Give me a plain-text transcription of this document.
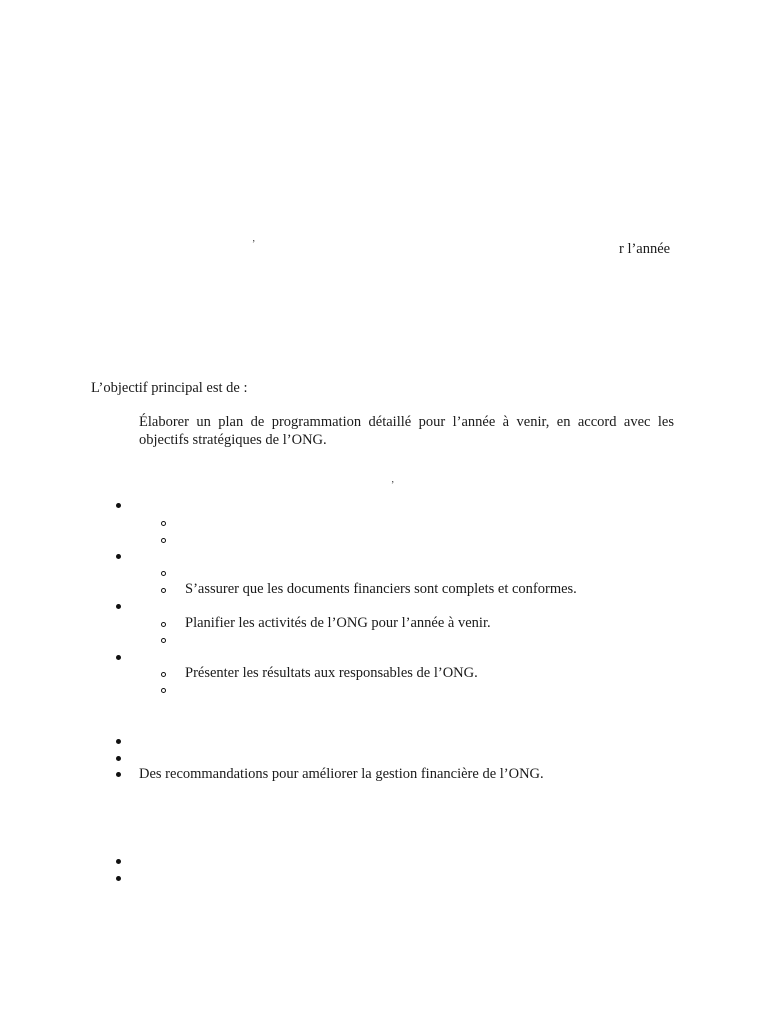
’	r l’année
L’objectif principal est de :
Élaborer un plan de programmation détaillé pour l’année à venir, en accord avec les objectifs stratégiques de l’ONG.
’
S’assurer que les documents financiers sont complets et conformes.
Planifier les activités de l’ONG pour l’année à venir.
Présenter les résultats aux responsables de l’ONG.
Des recommandations pour améliorer la gestion financière de l’ONG.
